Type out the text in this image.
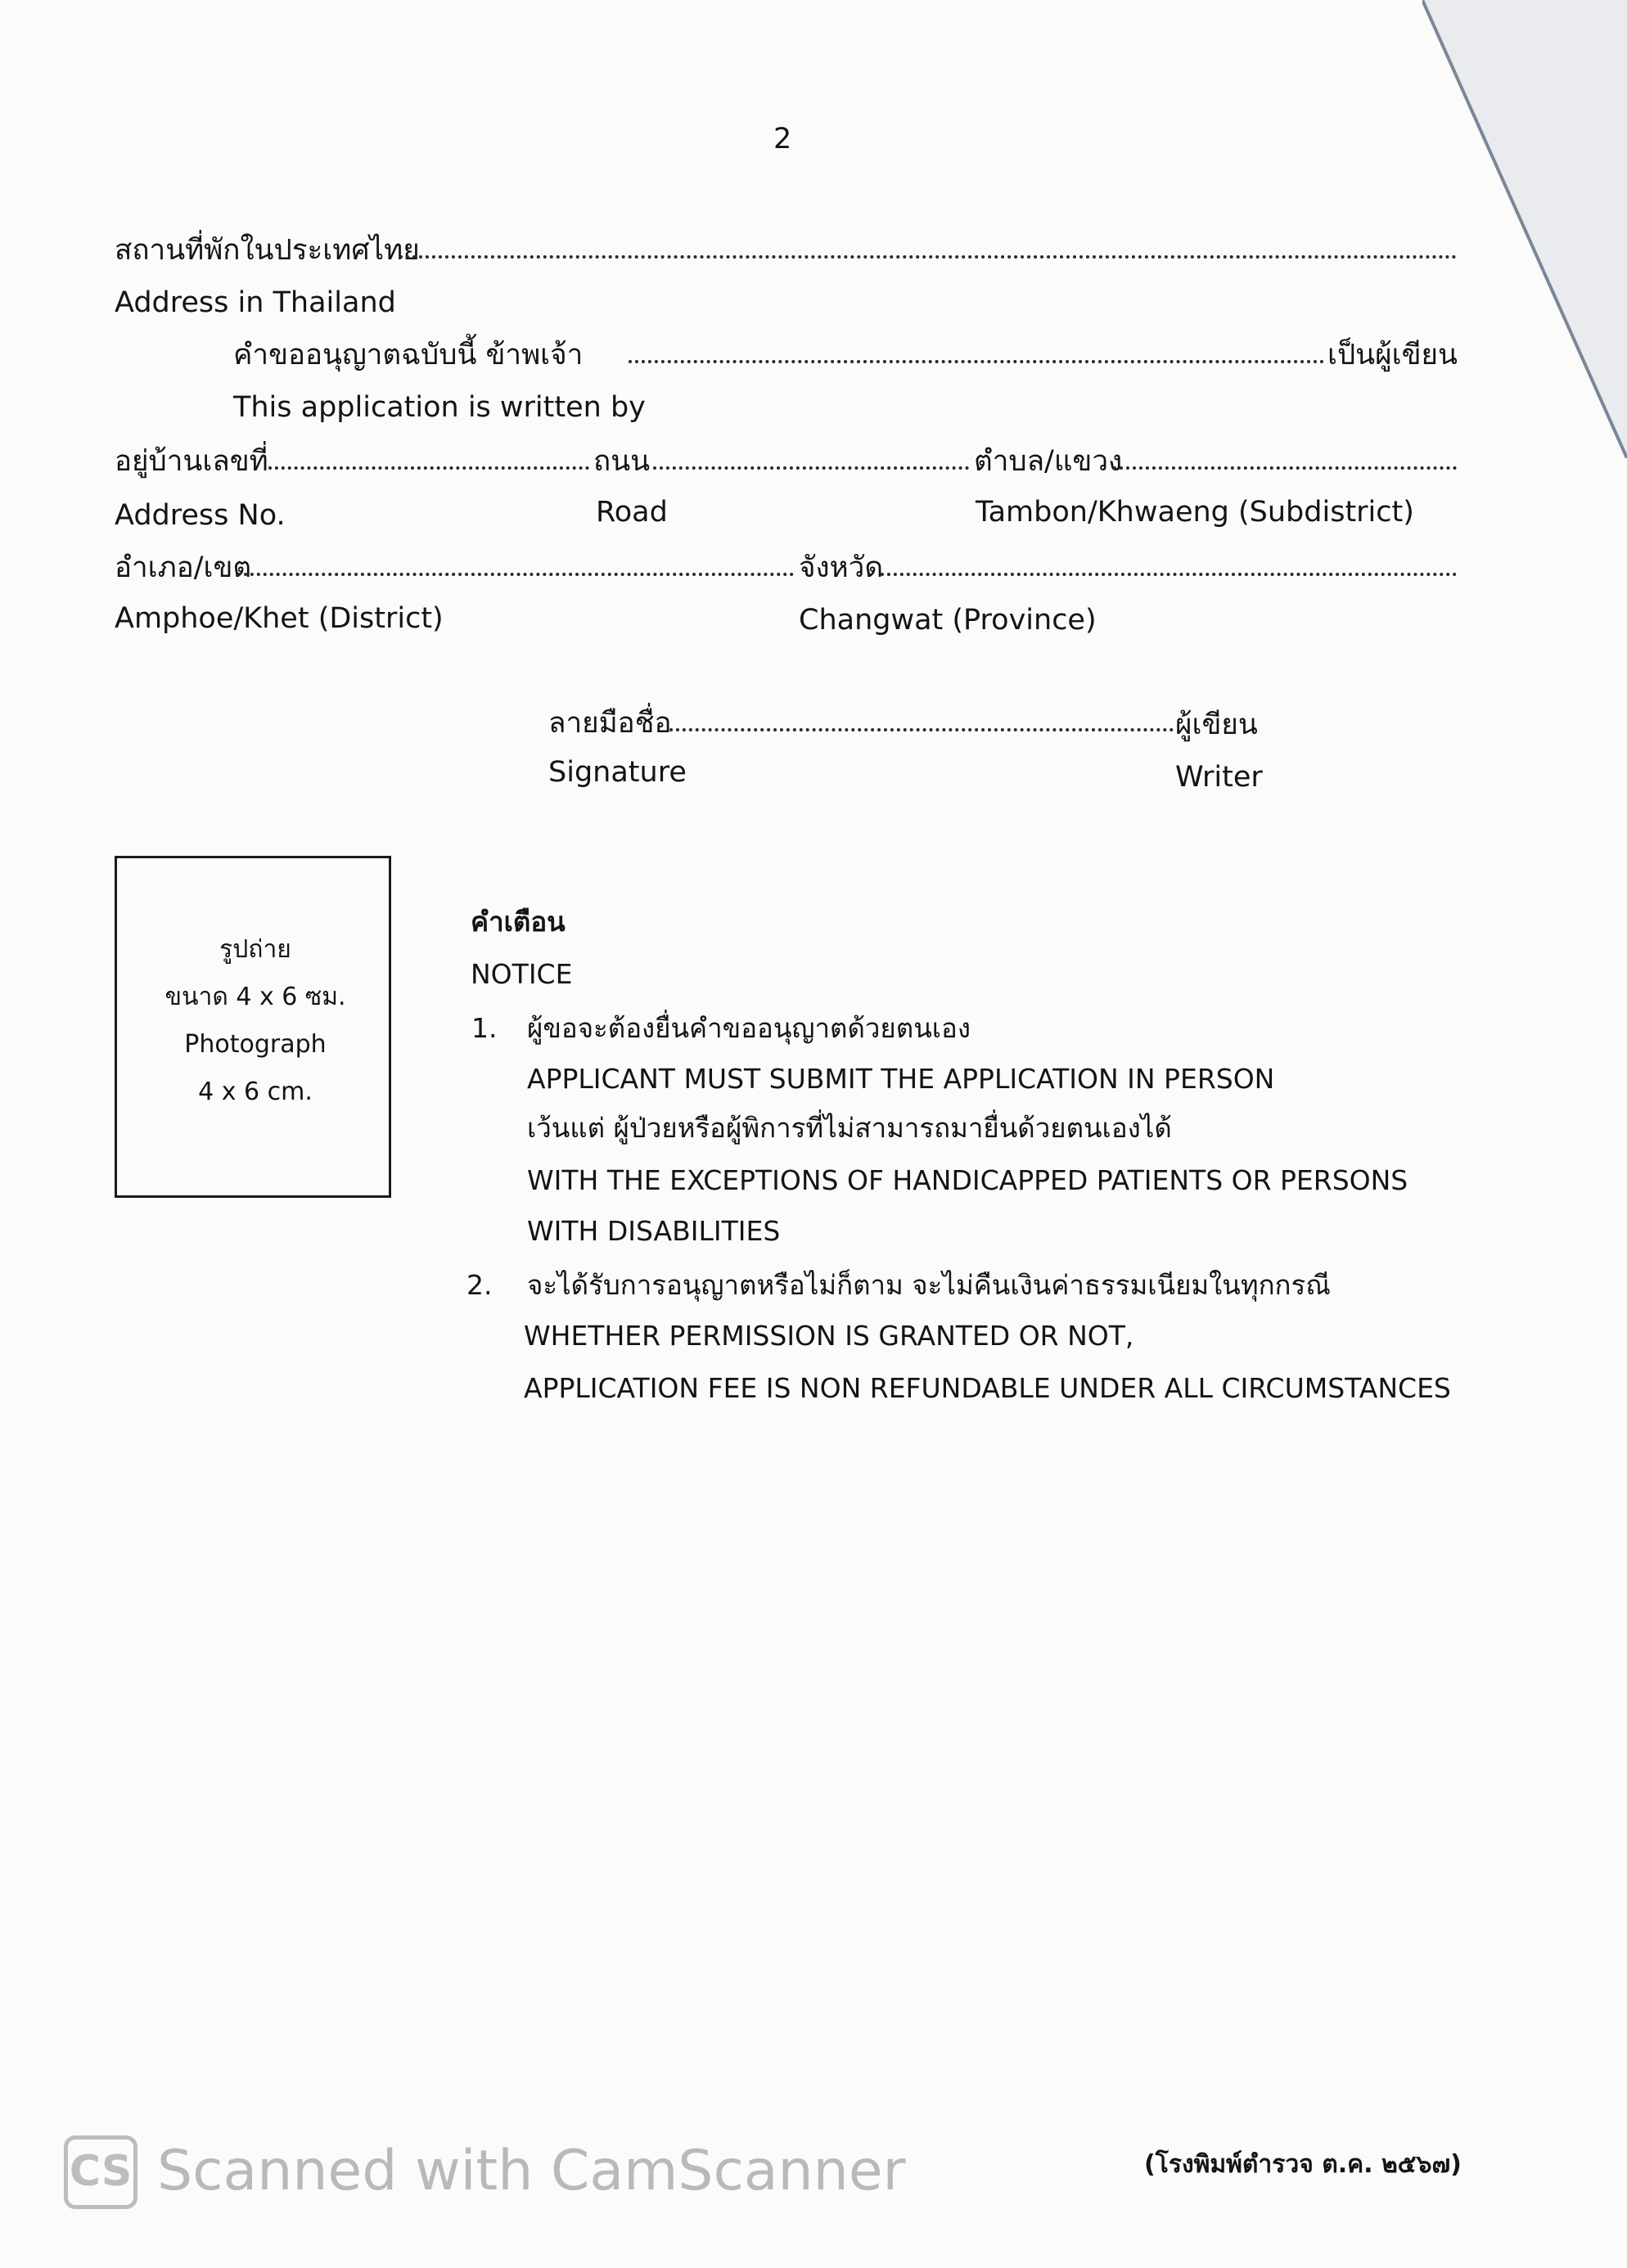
2
สถานที่พักในประเทศไทย
Address in Thailand
คำขออนุญาตฉบับนี้ ข้าพเจ้า	เป็นผู้เขียน
This application is written by
อยู่บ้านเลขที่	ถนน	ตำบล/แขวง
Address No.	Road	Tambon/Khwaeng (Subdistrict)
อำเภอ/เขต	จังหวัด
Amphoe/Khet (District)	Changwat (Province)
ลายมือชื่อ	ผู้เขียน
Signature	Writer
รูปถ่าย
ขนาด 4 x 6 ซม.
Photograph
4 x 6 cm.
คำเตือน
NOTICE
1. ผู้ขอจะต้องยื่นคำขออนุญาตด้วยตนเอง
APPLICANT MUST SUBMIT THE APPLICATION IN PERSON
เว้นแต่ ผู้ป่วยหรือผู้พิการที่ไม่สามารถมายื่นด้วยตนเองได้
WITH THE EXCEPTIONS OF HANDICAPPED PATIENTS OR PERSONS
WITH DISABILITIES
2. จะได้รับการอนุญาตหรือไม่ก็ตาม จะไม่คืนเงินค่าธรรมเนียมในทุกกรณี
WHETHER PERMISSION IS GRANTED OR NOT,
APPLICATION FEE IS NON REFUNDABLE UNDER ALL CIRCUMSTANCES
(โรงพิมพ์ตำรวจ ต.ค. ๒๕๖๗)
CS Scanned with CamScanner
